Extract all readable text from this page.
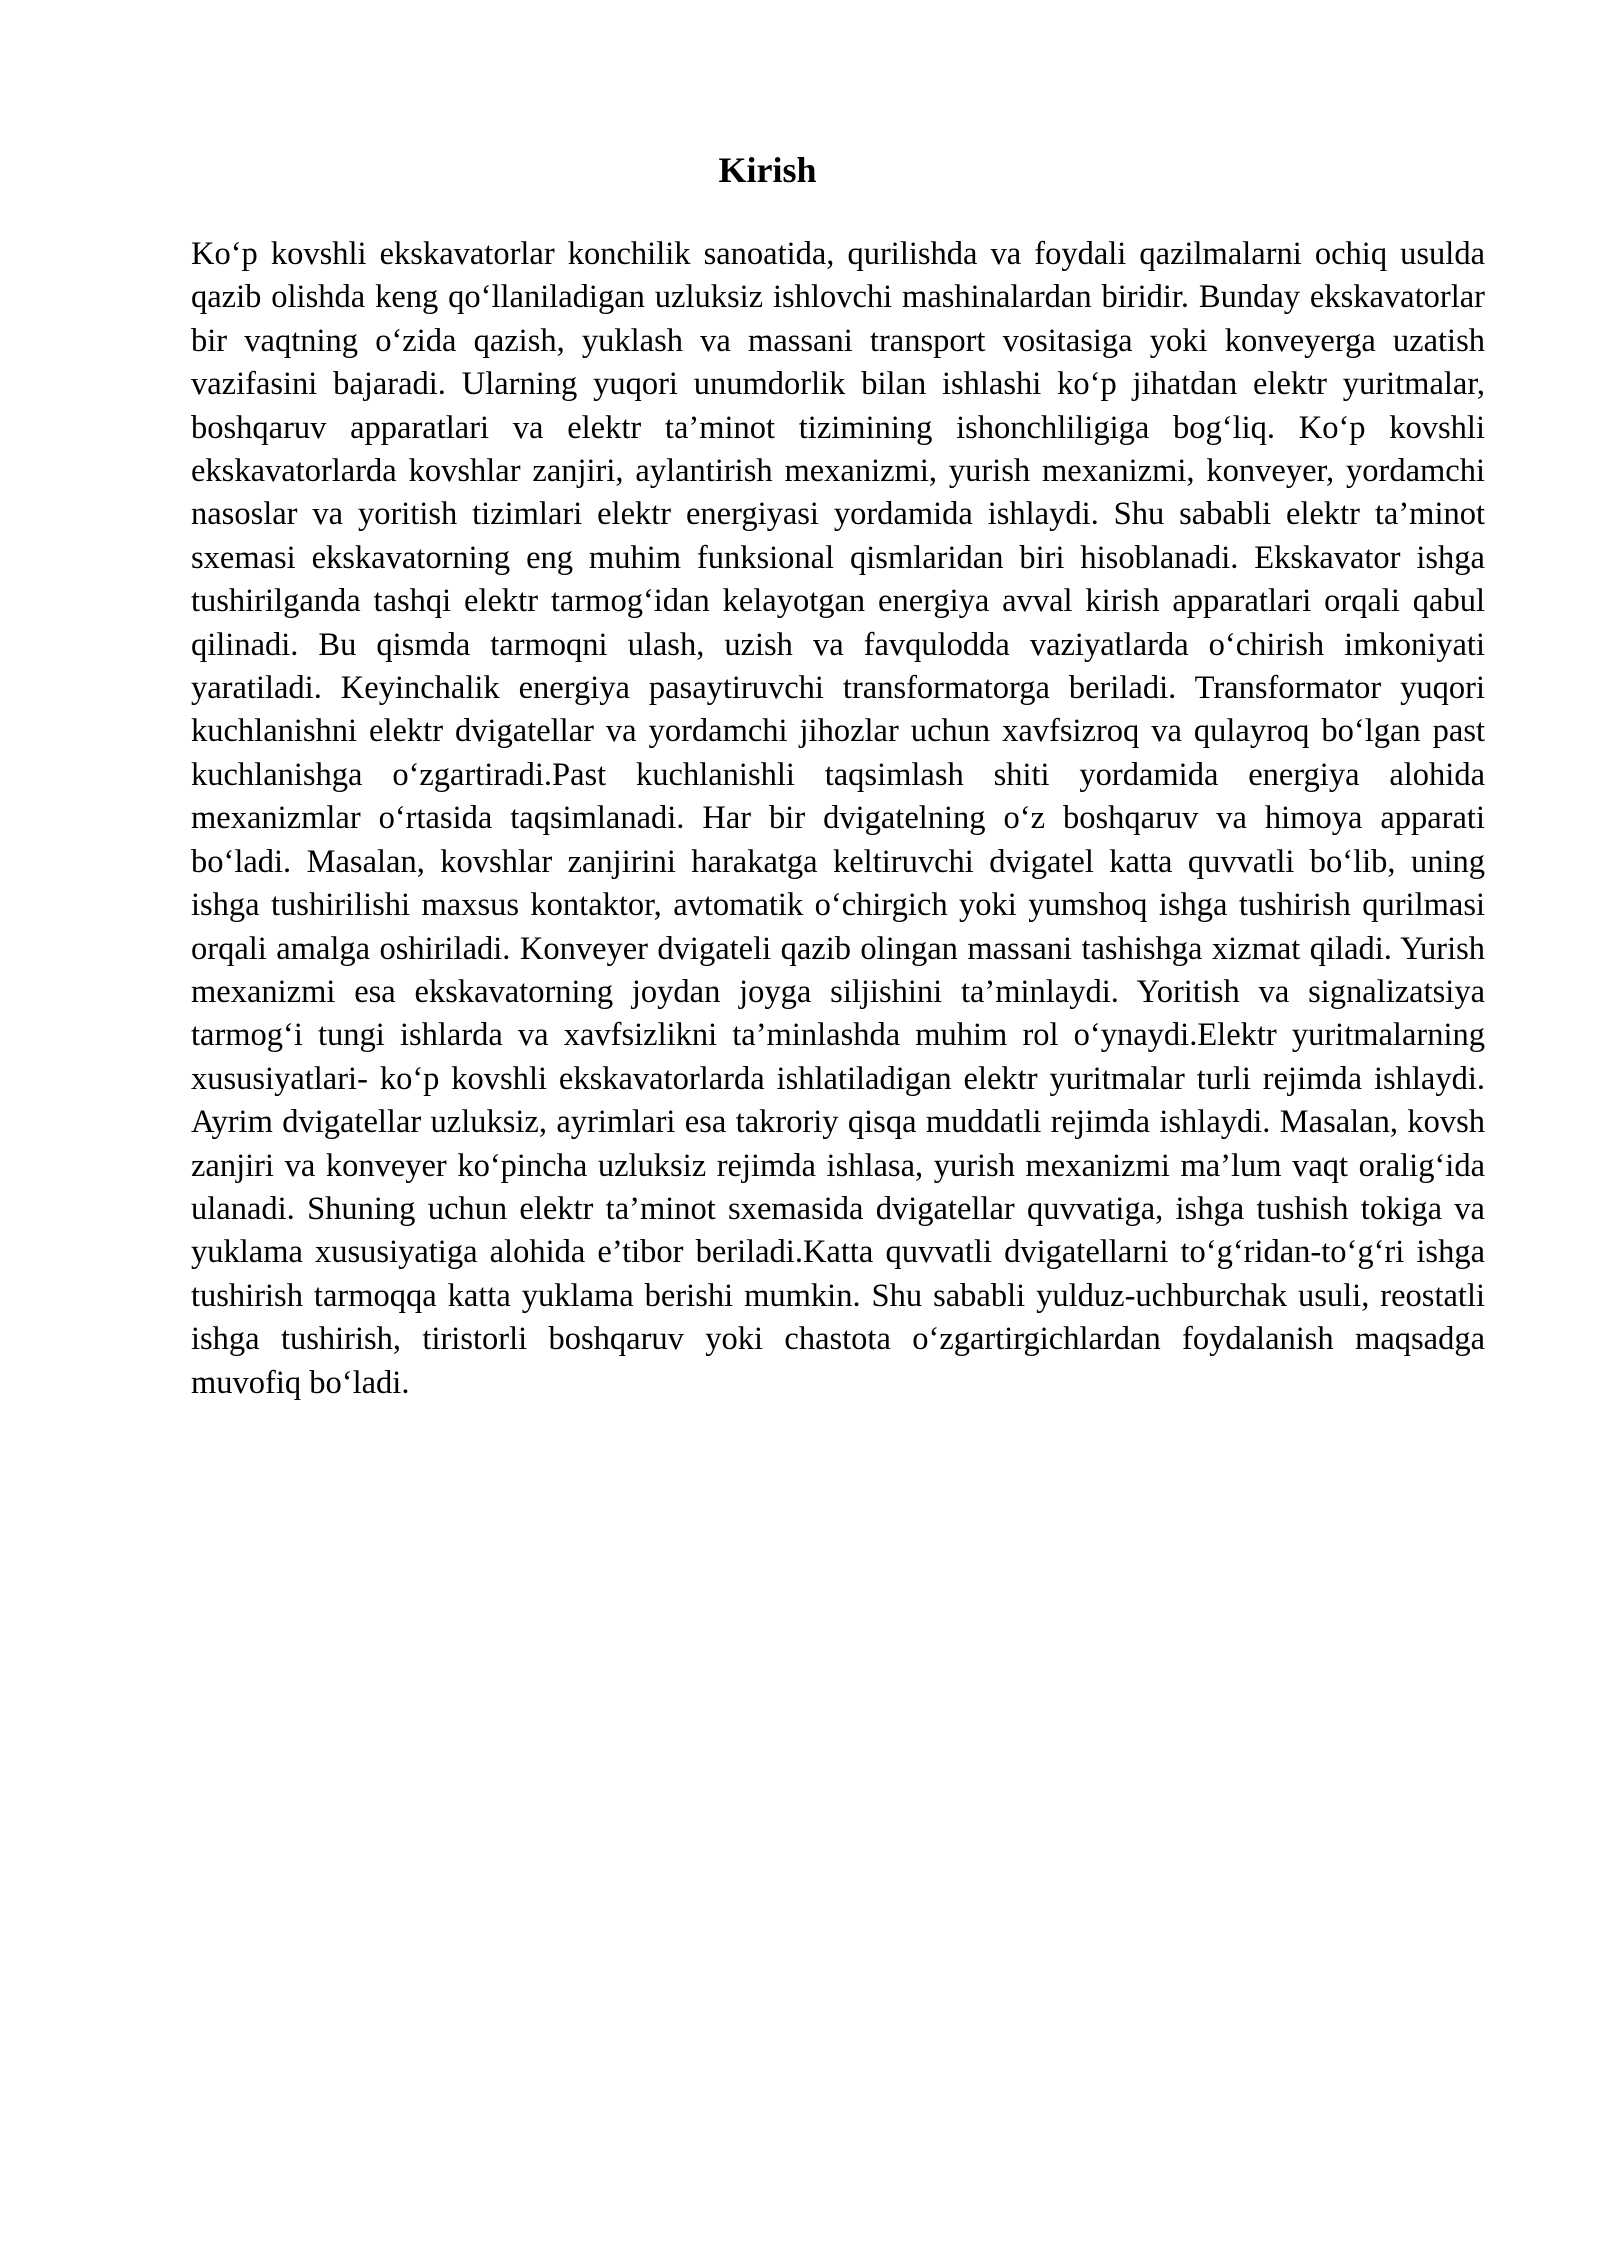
Kirish

Ko‘p kovshli ekskavatorlar konchilik sanoatida, qurilishda va foydali qazilmalarni ochiq usulda qazib olishda keng qo‘llaniladigan uzluksiz ishlovchi mashinalardan biridir. Bunday ekskavatorlar bir vaqtning o‘zida qazish, yuklash va massani transport vositasiga yoki konveyerga uzatish vazifasini bajaradi. Ularning yuqori unumdorlik bilan ishlashi ko‘p jihatdan elektr yuritmalar, boshqaruv apparatlari va elektr ta’minot tizimining ishonchliligiga bog‘liq. Ko‘p kovshli ekskavatorlarda kovshlar zanjiri, aylantirish mexanizmi, yurish mexanizmi, konveyer, yordamchi nasoslar va yoritish tizimlari elektr energiyasi yordamida ishlaydi. Shu sababli elektr ta’minot sxemasi ekskavatorning eng muhim funksional qismlaridan biri hisoblanadi. Ekskavator ishga tushirilganda tashqi elektr tarmog‘idan kelayotgan energiya avval kirish apparatlari orqali qabul qilinadi. Bu qismda tarmoqni ulash, uzish va favqulodda vaziyatlarda o‘chirish imkoniyati yaratiladi. Keyinchalik energiya pasaytiruvchi transformatorga beriladi. Transformator yuqori kuchlanishni elektr dvigatellar va yordamchi jihozlar uchun xavfsizroq va qulayroq bo‘lgan past kuchlanishga o‘zgartiradi.Past kuchlanishli taqsimlash shiti yordamida energiya alohida mexanizmlar o‘rtasida taqsimlanadi. Har bir dvigatelning o‘z boshqaruv va himoya apparati bo‘ladi. Masalan, kovshlar zanjirini harakatga keltiruvchi dvigatel katta quvvatli bo‘lib, uning ishga tushirilishi maxsus kontaktor, avtomatik o‘chirgich yoki yumshoq ishga tushirish qurilmasi orqali amalga oshiriladi. Konveyer dvigateli qazib olingan massani tashishga xizmat qiladi. Yurish mexanizmi esa ekskavatorning joydan joyga siljishini ta’minlaydi. Yoritish va signalizatsiya tarmog‘i tungi ishlarda va xavfsizlikni ta’minlashda muhim rol o‘ynaydi.Elektr yuritmalarning xususiyatlari- ko‘p kovshli ekskavatorlarda ishlatiladigan elektr yuritmalar turli rejimda ishlaydi. Ayrim dvigatellar uzluksiz, ayrimlari esa takroriy qisqa muddatli rejimda ishlaydi. Masalan, kovsh zanjiri va konveyer ko‘pincha uzluksiz rejimda ishlasa, yurish mexanizmi ma’lum vaqt oralig‘ida ulanadi. Shuning uchun elektr ta’minot sxemasida dvigatellar quvvatiga, ishga tushish tokiga va yuklama xususiyatiga alohida e’tibor beriladi.Katta quvvatli dvigatellarni to‘g‘ridan-to‘g‘ri ishga tushirish tarmoqqa katta yuklama berishi mumkin. Shu sababli yulduz-uchburchak usuli, reostatli ishga tushirish, tiristorli boshqaruv yoki chastota o‘zgartirgichlardan foydalanish maqsadga muvofiq bo‘ladi.
